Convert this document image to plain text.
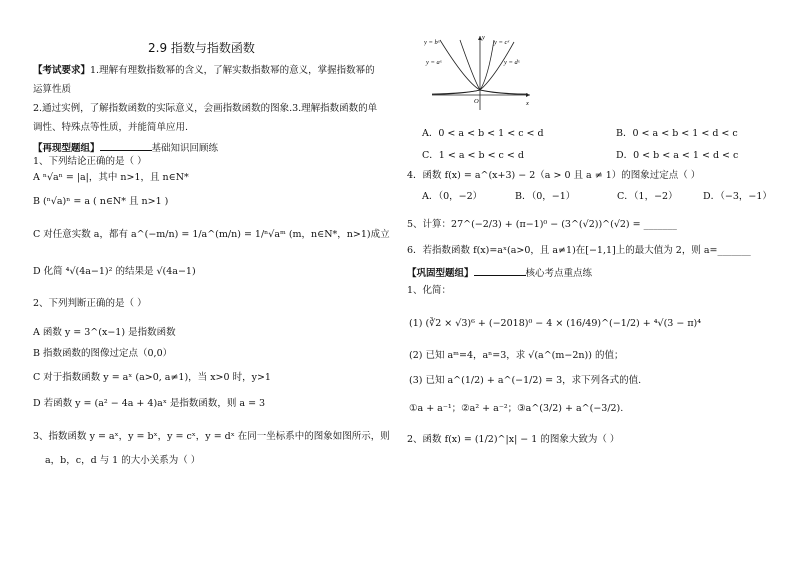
2.9 指数与指数函数
【考试要求】1.理解有理数指数幂的含义，了解实数指数幂的意义，掌握指数幂的
运算性质
2.通过实例，了解指数函数的实际意义，会画指数函数的图象.3.理解指数函数的单
调性、特殊点等性质，并能简单应用.
【再现型题组】	基础知识回顾练
1、下列结论正确的是（ ）
A ⁿ√aⁿ = |a|，其中 n>1，且 n∈N*
B (ⁿ√a)ⁿ = a ( n∈N* 且 n>1 )
C 对任意实数 a，都有 a^(−m/n) = 1/a^(m/n) = 1/ⁿ√aᵐ (m，n∈N*，n>1)成立
D 化简 ⁴√(4a−1)² 的结果是 √(4a−1)
2、下列判断正确的是（ ）
A 函数 y = 3^(x−1) 是指数函数
B 指数函数的图像过定点（0,0）
C 对于指数函数 y = aˣ (a>0, a≠1)，当 x>0 时，y>1
D 若函数 y = (a² − 4a + 4)aˣ 是指数函数，则 a = 3
3、指数函数 y = aˣ，y = bˣ，y = cˣ，y = dˣ 在同一坐标系中的图象如图所示，则
a，b，c，d 与 1 的大小关系为（ ）
y = bˣ	y = cˣ
y = aˣ	y = dˣ
y
x
O
A．0 < a < b < 1 < c < d	B．0 < a < b < 1 < d < c
C．1 < a < b < c < d	D．0 < b < a < 1 < d < c
4．函数 f(x) = a^(x+3) − 2（a > 0 且 a ≠ 1）的图象过定点（ ）
A．（0，−2）	B．（0，−1）	C．（1，−2）	D．（−3，−1）
5、计算：27^(−2/3) + (π−1)⁰ − (3^(√2))^(√2) = _______
6．若指数函数 f(x)=aˣ(a>0，且 a≠1)在[−1,1]上的最大值为 2，则 a=_______
【巩固型题组】	核心考点重点练
1、化简：
(1) (∛2 × √3)⁶ + (−2018)⁰ − 4 × (16/49)^(−1/2) + ⁴√(3 − π)⁴
(2) 已知 aᵐ=4，aⁿ=3，求 √(a^(m−2n)) 的值；
(3) 已知 a^(1/2) + a^(−1/2) = 3，求下列各式的值.
①a + a⁻¹；②a² + a⁻²；③a^(3/2) + a^(−3/2).
2、函数 f(x) = (1/2)^|x| − 1 的图象大致为（ ）
